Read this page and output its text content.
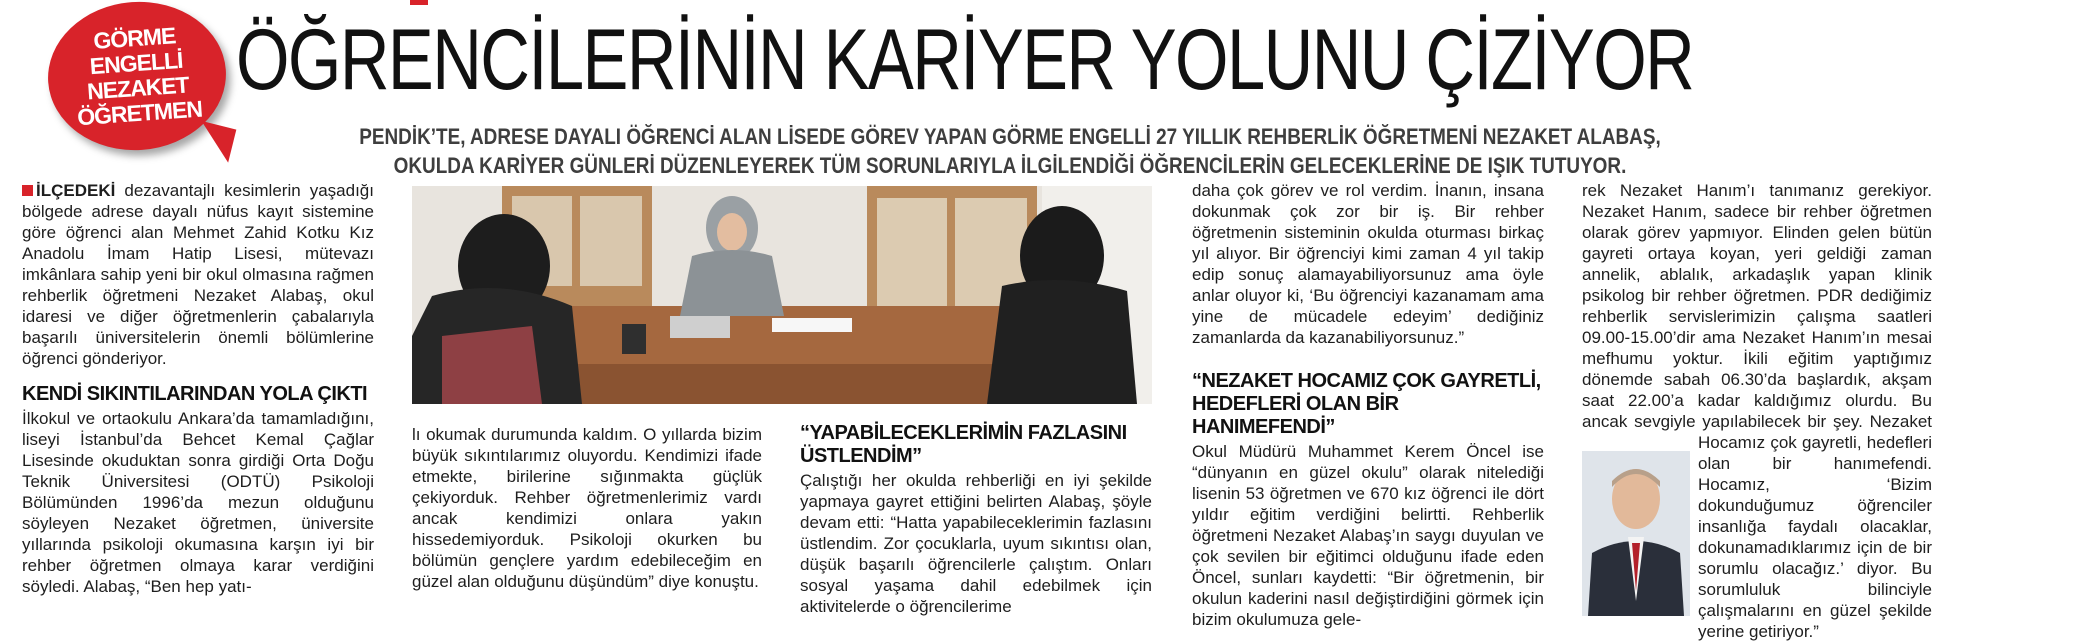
GÖRME
ENGELLİ
NEZAKET
ÖĞRETMEN
ÖĞRENCİLERİNİN KARİYER YOLUNU ÇİZİYOR
PENDİK’TE, ADRESE DAYALI ÖĞRENCİ ALAN LİSEDE GÖREV YAPAN GÖRME ENGELLİ 27 YILLIK REHBERLİK ÖĞRETMENİ NEZAKET ALABAŞ,
OKULDA KARİYER GÜNLERİ DÜZENLEYEREK TÜM SORUNLARIYLA İLGİLENDİĞİ ÖĞRENCİLERİN GELECEKLERİNE DE IŞIK TUTUYOR.

İLÇEDEKİ dezavantajlı kesimlerin yaşadığı bölgede adrese dayalı nüfus kayıt sistemine göre öğrenci alan Mehmet Zahid Kotku Kız Anadolu İmam Hatip Lisesi, mütevazı imkânlara sahip yeni bir okul olmasına rağmen rehberlik öğretmeni Nezaket Alabaş, okul idaresi ve diğer öğretmenlerin çabalarıyla başarılı üniversitelerin önemli bölümlerine öğrenci gönderiyor.

KENDİ SIKINTILARINDAN YOLA ÇIKTI

İlkokul ve ortaokulu Ankara’da tamamladığını, liseyi İstanbul’da Behcet Kemal Çağlar Lisesinde okuduktan sonra girdiği Orta Doğu Teknik Üniversitesi (ODTÜ) Psikoloji Bölümünden 1996’da mezun olduğunu söyleyen Nezaket öğretmen, üniversite yıllarında psikoloji okumasına karşın iyi bir rehber öğretmen olmaya karar verdiğini söyledi. Alabaş, “Ben hep yatı-

lı okumak durumunda kaldım. O yıllarda bizim büyük sıkıntılarımız oluyordu. Kendimizi ifade etmekte, birilerine sığınmakta güçlük çekiyorduk. Rehber öğretmenlerimiz vardı ancak kendimizi onlara yakın hissedemiyorduk. Psikoloji okurken bu bölümün gençlere yardım edebileceğim en güzel alan olduğunu düşündüm” diye konuştu.

“YAPABİLECEKLERİMİN FAZLASINI ÜSTLENDİM”

Çalıştığı her okulda rehberliği en iyi şekilde yapmaya gayret ettiğini belirten Alabaş, şöyle devam etti: “Hatta yapabileceklerimin fazlasını üstlendim. Zor çocuklarla, uyum sıkıntısı olan, düşük başarılı öğrencilerle çalıştım. Onları sosyal yaşama dahil edebilmek için aktivitelerde o öğrencilerime

daha çok görev ve rol verdim. İnanın, insana dokunmak çok zor bir iş. Bir rehber öğretmenin sisteminin okulda oturması birkaç yıl alıyor. Bir öğrenciyi kimi zaman 4 yıl takip edip sonuç alamayabiliyorsunuz ama öyle anlar oluyor ki, ‘Bu öğrenciyi kazanamam ama yine de mücadele edeyim’ dediğiniz zamanlarda da kazanabiliyorsunuz.”

“NEZAKET HOCAMIZ ÇOK GAYRETLİ, HEDEFLERİ OLAN BİR HANIMEFENDİ”

Okul Müdürü Muhammet Kerem Öncel ise “dünyanın en güzel okulu” olarak nitelediği lisenin 53 öğretmen ve 670 kız öğrenci ile dört yıldır eğitim verdiğini belirtti. Rehberlik öğretmeni Nezaket Alabaş’ın saygı duyulan ve çok sevilen bir eğitimci olduğunu ifade eden Öncel, sunları kaydetti: “Bir öğretmenin, bir okulun kaderini nasıl değiştirdiğini görmek için bizim okulumuza gele-

rek Nezaket Hanım’ı tanımanız gerekiyor. Nezaket Hanım, sadece bir rehber öğretmen olarak görev yapmıyor. Elinden gelen bütün gayreti ortaya koyan, yeri geldiği zaman annelik, ablalık, arkadaşlık yapan klinik psikolog bir rehber öğretmen. PDR dediğimiz rehberlik servislerimizin çalışma saatleri 09.00-15.00’dir ama Nezaket Hanım’ın mesai mefhumu yoktur. İkili eğitim yaptığımız dönemde sabah 06.30’da başlardık, akşam saat 22.00’a kadar kaldığımız olurdu. Bu ancak sevgiyle yapılabilecek bir şey. Nezaket Hocamız çok gayretli, hedefleri olan bir hanımefendi. Hocamız, ‘Bizim dokunduğumuz öğrenciler insanlığa faydalı olacaklar, dokunamadıklarımız için de bir sorumlu olacağız.’ diyor. Bu sorumluluk bilinciyle çalışmalarını en güzel şekilde yerine getiriyor.”
